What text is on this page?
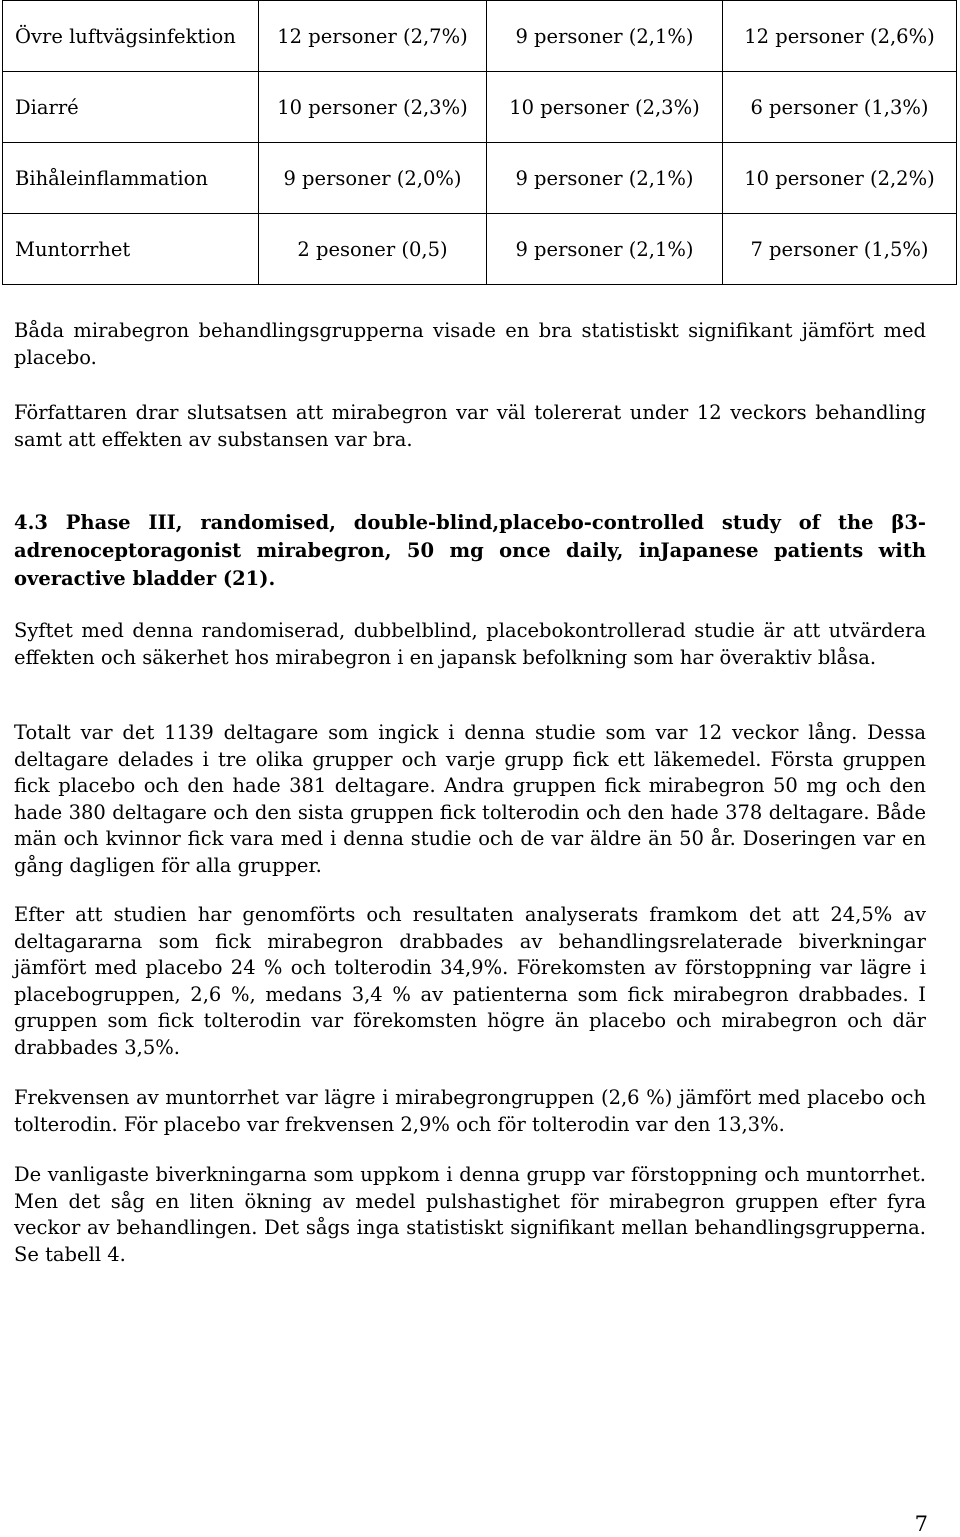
Övre luftvägsinfektion	12 personer (2,7%)	9 personer (2,1%)	12 personer (2,6%)
Diarré	10 personer (2,3%)	10 personer (2,3%)	6 personer (1,3%)
Bihåleinflammation	9 personer (2,0%)	9 personer (2,1%)	10 personer (2,2%)
Muntorrhet	2 pesoner (0,5)	9 personer (2,1%)	7 personer (1,5%)

Båda mirabegron behandlingsgrupperna visade en bra statistiskt signifikant jämfört med placebo.

Författaren drar slutsatsen att mirabegron var väl tolererat under 12 veckors behandling samt att effekten av substansen var bra.

4.3 Phase III, randomised, double-blind,placebo-controlled study of the β3-adrenoceptoragonist mirabegron, 50 mg once daily, inJapanese patients with overactive bladder (21).

Syftet med denna randomiserad, dubbelblind, placebokontrollerad studie är att utvärdera effekten och säkerhet hos mirabegron i en japansk befolkning som har överaktiv blåsa.

Totalt var det 1139 deltagare som ingick i denna studie som var 12 veckor lång. Dessa deltagare delades i tre olika grupper och varje grupp fick ett läkemedel. Första gruppen fick placebo och den hade 381 deltagare. Andra gruppen fick mirabegron 50 mg och den hade 380 deltagare och den sista gruppen fick tolterodin och den hade 378 deltagare. Både män och kvinnor fick vara med i denna studie och de var äldre än 50 år. Doseringen var en gång dagligen för alla grupper.

Efter att studien har genomförts och resultaten analyserats framkom det att 24,5% av deltagararna som fick mirabegron drabbades av behandlingsrelaterade biverkningar jämfört med placebo 24 % och tolterodin 34,9%. Förekomsten av förstoppning var lägre i placebogruppen, 2,6 %, medans 3,4 % av patienterna som fick mirabegron drabbades. I gruppen som fick tolterodin var förekomsten högre än placebo och mirabegron och där drabbades 3,5%.

Frekvensen av muntorrhet var lägre i mirabegrongruppen (2,6 %) jämfört med placebo och tolterodin. För placebo var frekvensen 2,9% och för tolterodin var den 13,3%.

De vanligaste biverkningarna som uppkom i denna grupp var förstoppning och muntorrhet. Men det såg en liten ökning av medel pulshastighet för mirabegron gruppen efter fyra veckor av behandlingen. Det sågs inga statistiskt signifikant mellan behandlingsgrupperna. Se tabell 4.

7
